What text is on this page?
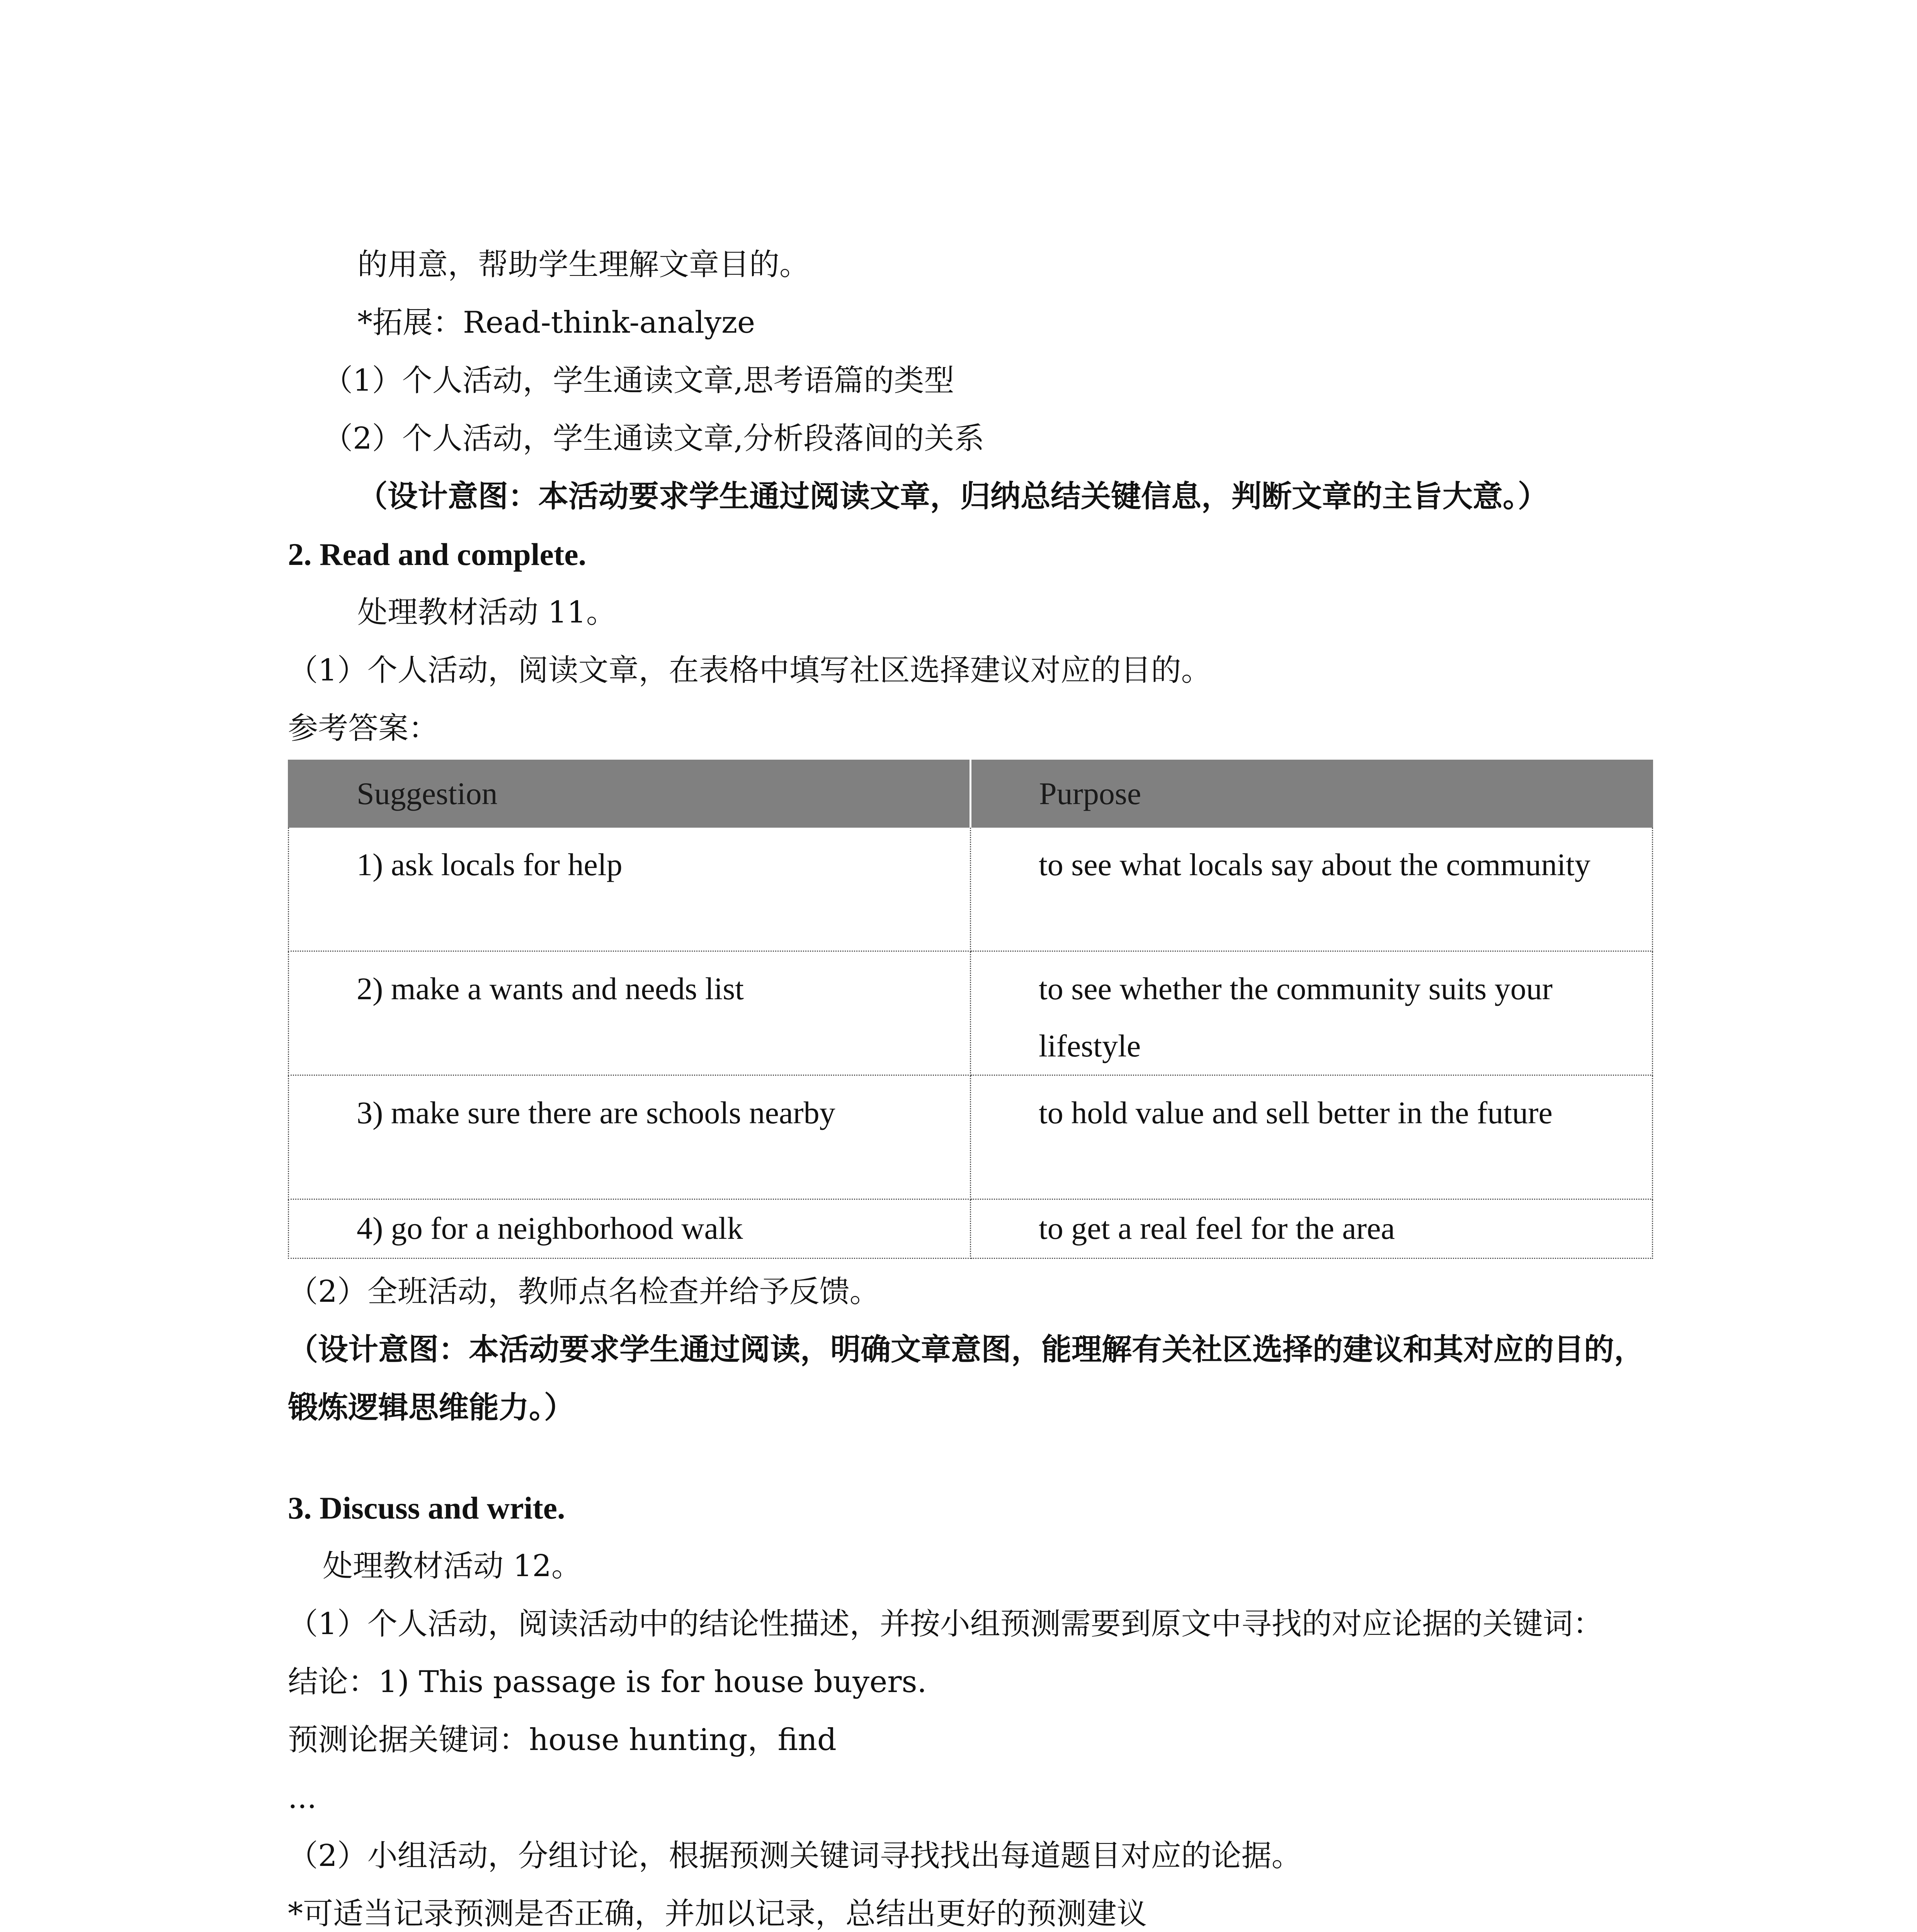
的用意，帮助学生理解文章目的。
*拓展：Read-think-analyze
（1）个人活动，学生通读文章,思考语篇的类型
（2）个人活动，学生通读文章,分析段落间的关系
（设计意图：本活动要求学生通过阅读文章，归纳总结关键信息，判断文章的主旨大意。）
2. Read and complete.
处理教材活动 11。
（1）个人活动，阅读文章，在表格中填写社区选择建议对应的目的。
参考答案：
Suggestion	Purpose
1) ask locals for help	to see what locals say about the community
2) make a wants and needs list	to see whether the community suits your lifestyle
3) make sure there are schools nearby	to hold value and sell better in the future
4) go for a neighborhood walk	to get a real feel for the area
（2）全班活动，教师点名检查并给予反馈。
（设计意图：本活动要求学生通过阅读，明确文章意图，能理解有关社区选择的建议和其对应的目的，锻炼逻辑思维能力。）
3. Discuss and write.
处理教材活动 12。
（1）个人活动，阅读活动中的结论性描述，并按小组预测需要到原文中寻找的对应论据的关键词：
结论：1) This passage is for house buyers.
预测论据关键词：house hunting，find
...
（2）小组活动，分组讨论，根据预测关键词寻找找出每道题目对应的论据。
*可适当记录预测是否正确，并加以记录，总结出更好的预测建议
